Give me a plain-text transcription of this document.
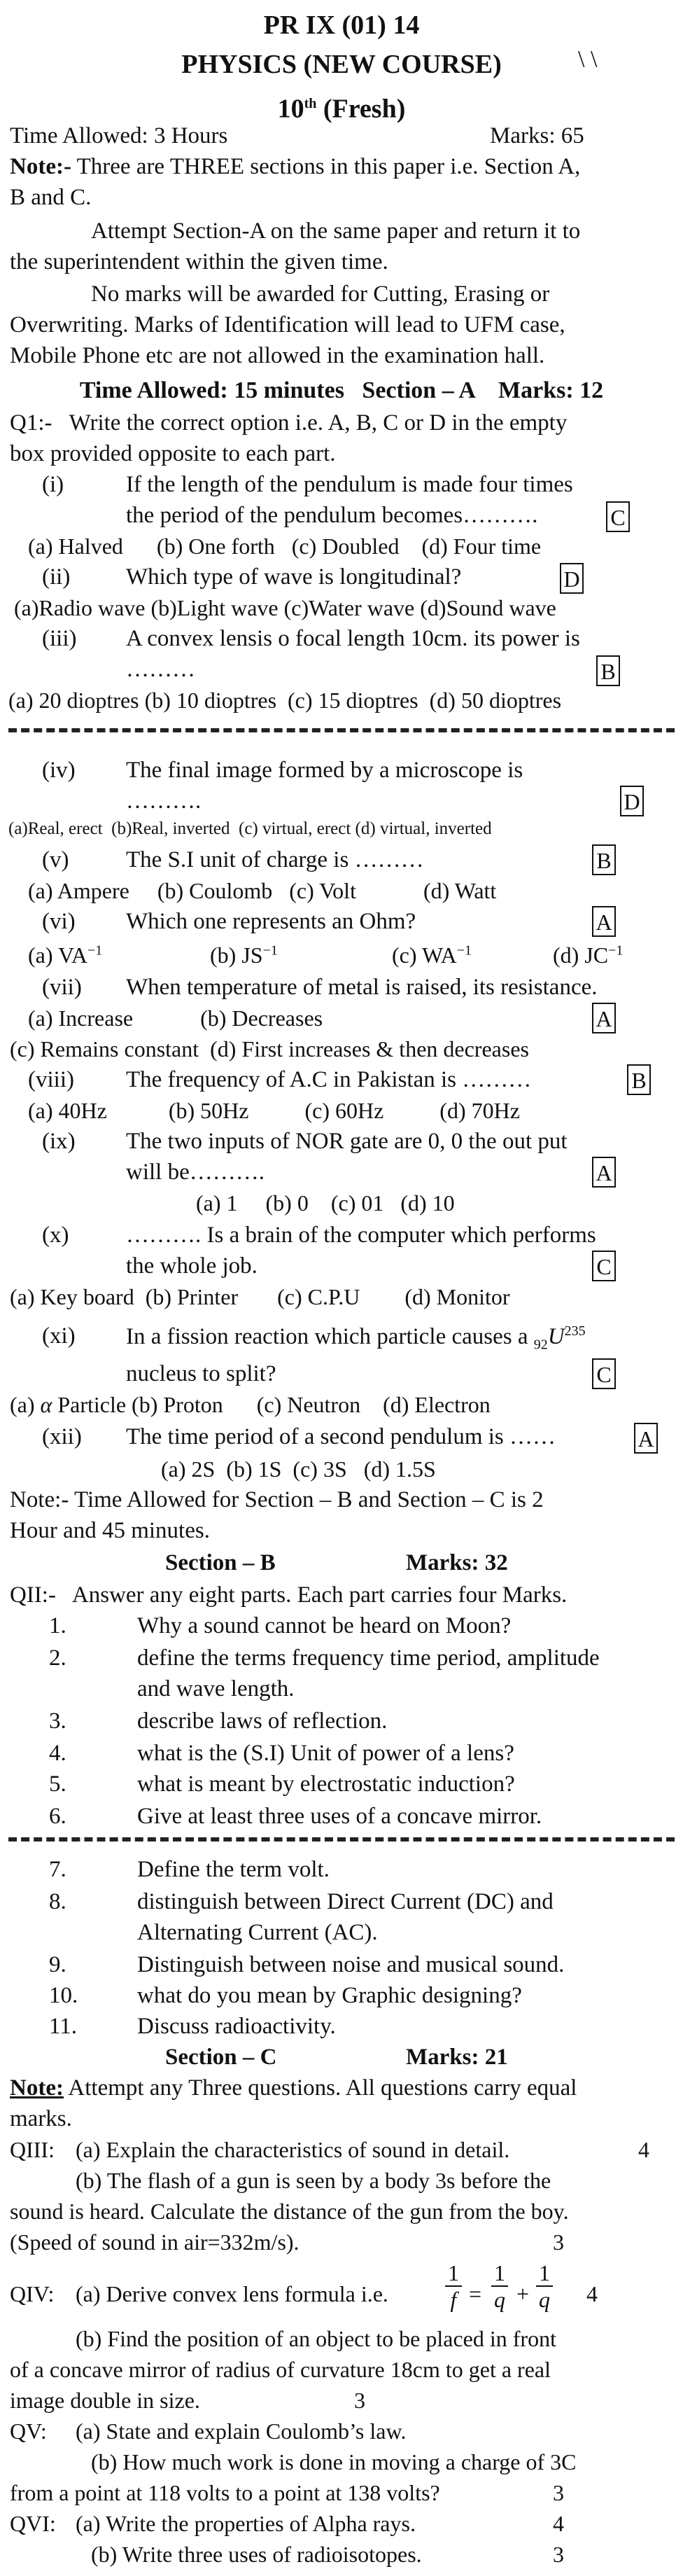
PR IX (01) 14
PHYSICS (NEW COURSE)	\ \
10th (Fresh)
Time Allowed: 3 Hours	Marks: 65
Note:- Three are THREE sections in this paper i.e. Section A,
B and C.
Attempt Section-A on the same paper and return it to
the superintendent within the given time.
No marks will be awarded for Cutting, Erasing or
Overwriting. Marks of Identification will lead to UFM case,
Mobile Phone etc are not allowed in the examination hall.
Time Allowed: 15 minutes   Section – A    Marks: 12
Q1:- Write the correct option i.e. A, B, C or D in the empty
box provided opposite to each part.
(i)	If the length of the pendulum is made four times
the period of the pendulum becomes……….	C
(a) Halved      (b) One forth   (c) Doubled    (d) Four time
(ii) Which type of wave is longitudinal?	D
(a)Radio wave (b)Light wave (c)Water wave (d)Sound wave
(iii) A convex lensis o focal length 10cm. its power is
………	B
(a) 20 dioptres (b) 10 dioptres  (c) 15 dioptres  (d) 50 dioptres
(iv) The final image formed by a microscope is
……….	D
(a)Real, erect  (b)Real, inverted  (c) virtual, erect (d) virtual, inverted
(v) The S.I unit of charge is ………	B
(a) Ampere     (b) Coulomb   (c) Volt            (d) Watt
(vi) Which one represents an Ohm?	A
(a) $VA^{-1}$	(b) $JS^{-1}$	(c) $WA^{-1}$	(d) $JC^{-1}$
(vii) When temperature of metal is raised, its resistance.
(a) Increase            (b) Decreases	A
(c) Remains constant  (d) First increases & then decreases
(viii) The frequency of A.C in Pakistan is ………	B
(a) 40Hz           (b) 50Hz          (c) 60Hz          (d) 70Hz
(ix) The two inputs of NOR gate are 0, 0 the out put
will be……….	A
(a) 1     (b) 0    (c) 01   (d) 10
(x) ………. Is a brain of the computer which performs
the whole job.	C
(a) Key board  (b) Printer       (c) C.P.U        (d) Monitor
(xi) In a fission reaction which particle causes a $_{92}U^{235}$
nucleus to split?	C
(a) α Particle (b) Proton      (c) Neutron    (d) Electron
(xii) The time period of a second pendulum is ……	A
(a) 2S  (b) 1S  (c) 3S   (d) 1.5S
Note:- Time Allowed for Section – B and Section – C is 2
Hour and 45 minutes.
Section – B	Marks: 32
QII:- Answer any eight parts. Each part carries four Marks.
1.	Why a sound cannot be heard on Moon?
2.	define the terms frequency time period, amplitude
and wave length.
3.	describe laws of reflection.
4.	what is the (S.I) Unit of power of a lens?
5.	what is meant by electrostatic induction?
6.	Give at least three uses of a concave mirror.
7.	Define the term volt.
8.	distinguish between Direct Current (DC) and
Alternating Current (AC).
9.	Distinguish between noise and musical sound.
10.	what do you mean by Graphic designing?
11.	Discuss radioactivity.
Section – C	Marks: 21
Note: Attempt any Three questions. All questions carry equal
marks.
QIII: (a) Explain the characteristics of sound in detail.	4
(b) The flash of a gun is seen by a body 3s before the
sound is heard. Calculate the distance of the gun from the boy.
(Speed of sound in air=332m/s).	3
QIV: (a) Derive convex lens formula i.e.	$\frac{1}{f} = \frac{1}{q} + \frac{1}{q} 4$
(b) Find the position of an object to be placed in front
of a concave mirror of radius of curvature 18cm to get a real
image double in size.	3
QV: (a) State and explain Coulomb’s law.
(b) How much work is done in moving a charge of 3C
from a point at 118 volts to a point at 138 volts?	3
QVI: (a) Write the properties of Alpha rays.	4
(b) Write three uses of radioisotopes.	3
